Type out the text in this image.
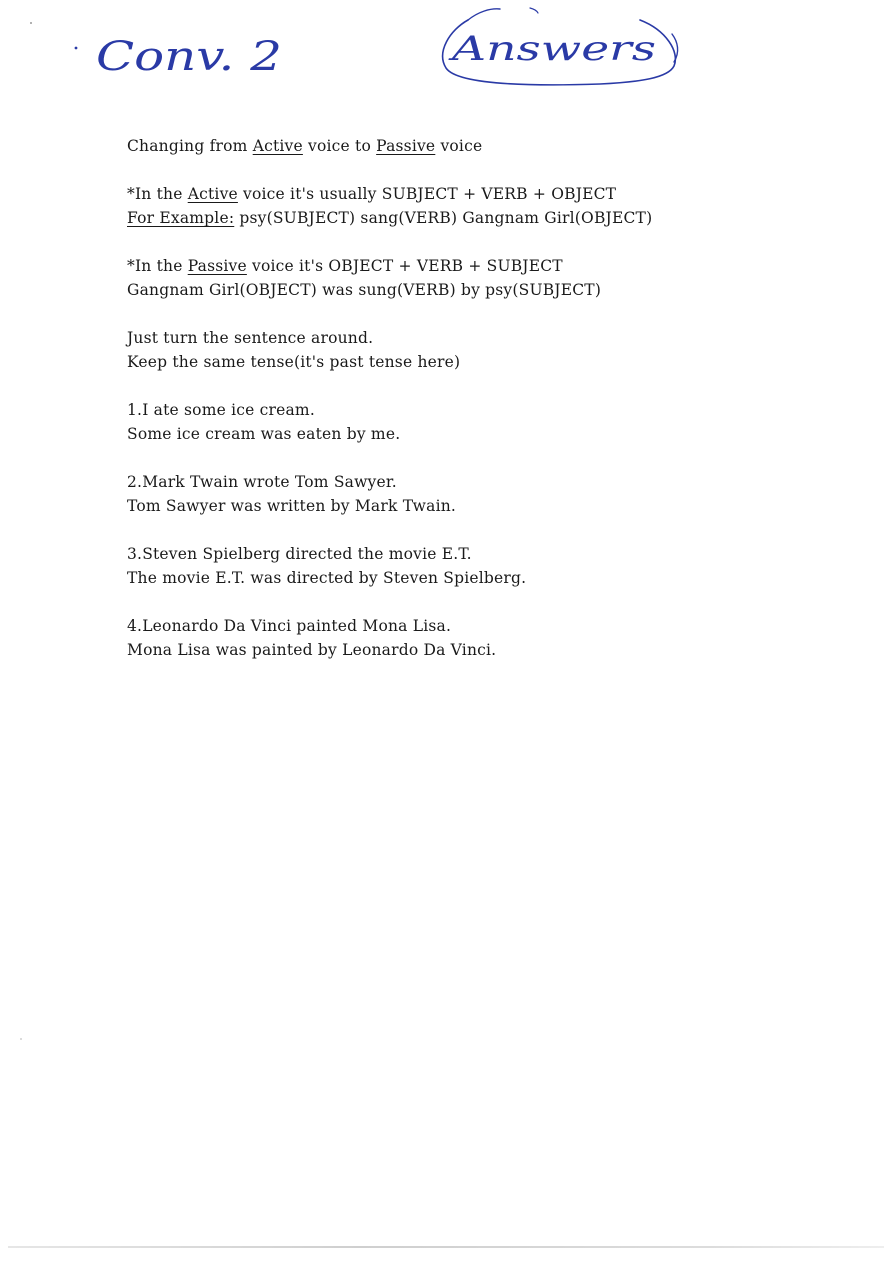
Conv. 2	Answers

Changing from Active voice to Passive voice

*In the Active voice it's usually SUBJECT + VERB + OBJECT

For Example: psy(SUBJECT) sang(VERB) Gangnam Girl(OBJECT)

*In the Passive voice it's OBJECT + VERB + SUBJECT

Gangnam Girl(OBJECT) was sung(VERB) by psy(SUBJECT)

Just turn the sentence around.

Keep the same tense(it's past tense here)

1.I ate some ice cream.

Some ice cream was eaten by me.

2.Mark Twain wrote Tom Sawyer.

Tom Sawyer was written by Mark Twain.

3.Steven Spielberg directed the movie E.T.

The movie E.T. was directed by Steven Spielberg.

4.Leonardo Da Vinci painted Mona Lisa.

Mona Lisa was painted by Leonardo Da Vinci.
